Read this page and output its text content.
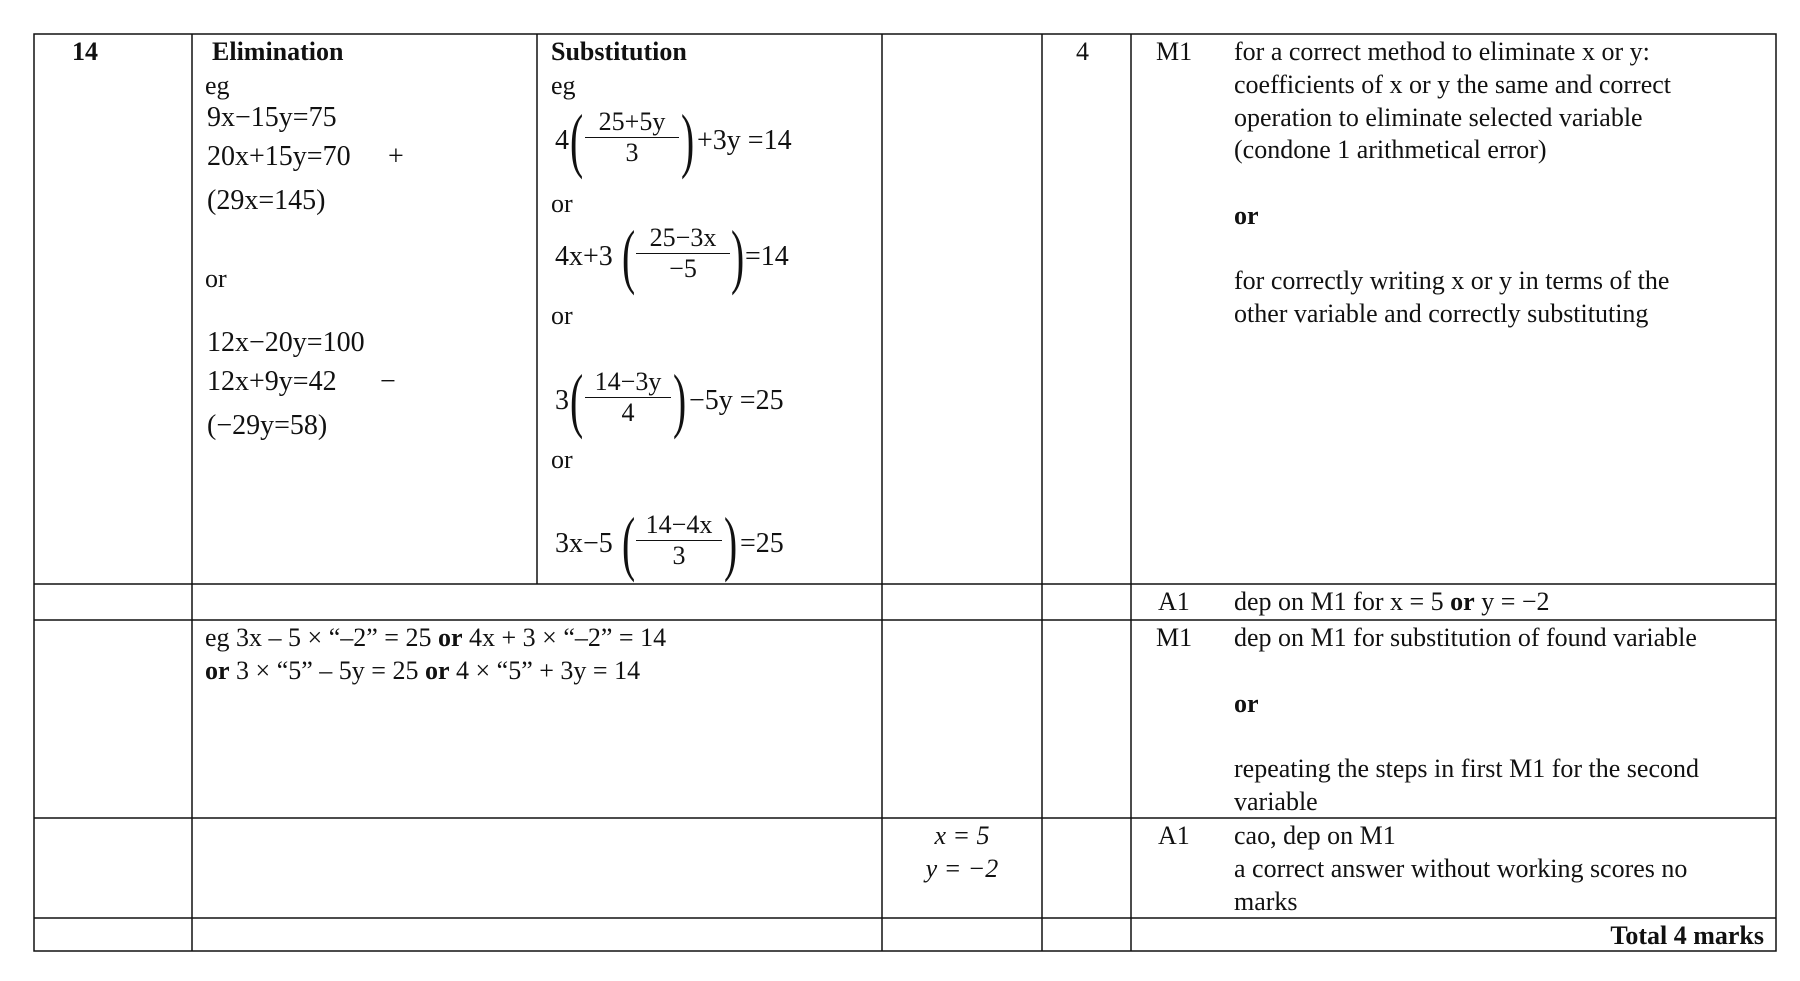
14	4
Elimination
eg
9x−15y=75
20x+15y=70 +
(29x=145)
or
12x−20y=100
12x+9y=42 −
(−29y=58)
Substitution
eg
4 ( $\frac{25+5y}{3}$ ) +3y =14
or
4x+3 ( $\frac{25-3x}{-5}$ ) =14
or
3 ( $\frac{14-3y}{4}$ ) −5y =25
or
3x−5 ( $\frac{14-4x}{3}$ ) =25
M1 for a correct method to eliminate x or y:
coefficients of x or y the same and correct
operation to eliminate selected variable
(condone 1 arithmetical error)
or
for correctly writing x or y in terms of the
other variable and correctly substituting
A1 dep on M1 for x = 5 or y = −2
eg 3x – 5 × “–2” = 25 or 4x + 3 × “–2” = 14
or 3 × “5” – 5y = 25 or 4 × “5” + 3y = 14
M1 dep on M1 for substitution of found variable
or
repeating the steps in first M1 for the second
variable
x = 5
y = −2
A1 cao, dep on M1
a correct answer without working scores no
marks
Total 4 marks
